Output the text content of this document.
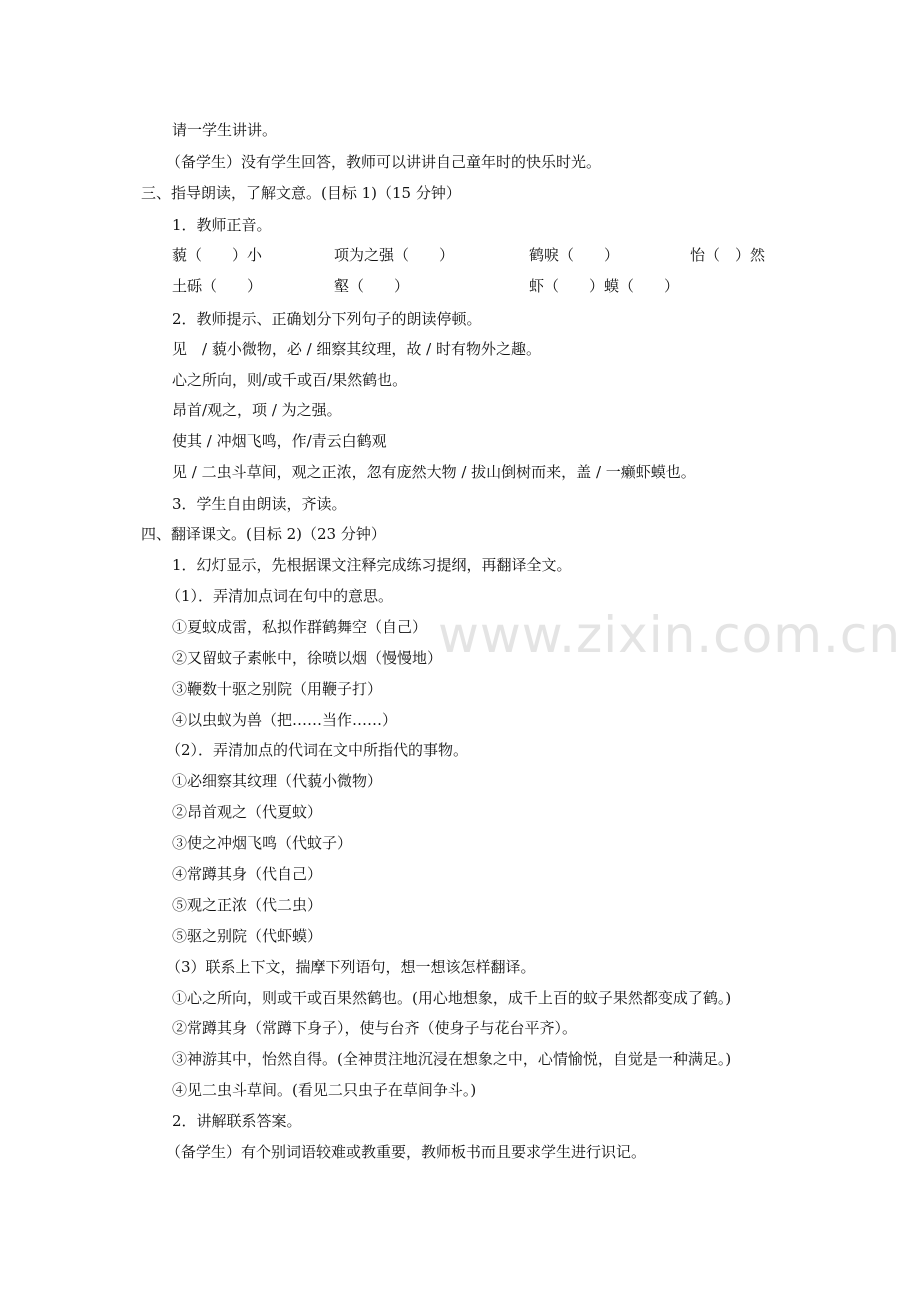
www.zixin.com.cn
请一学生讲讲。
（备学生）没有学生回答，教师可以讲讲自己童年时的快乐时光。
三、指导朗读，了解文意。(目标 1)（15 分钟）
1．教师正音。
藐（　　）小	项为之强（　　）	鹤唳（　　）	怡（　）然
土砾（　　）	壑（　　）	虾（　　）蟆（　　）
2．教师提示、正确划分下列句子的朗读停顿。
见　/ 藐小微物，必 / 细察其纹理，故 / 时有物外之趣。
心之所向，则/或千或百/果然鹤也。
昂首/观之，项 / 为之强。
使其 / 冲烟飞鸣，作/青云白鹤观
见 / 二虫斗草间，观之正浓，忽有庞然大物 / 拔山倒树而来，盖 / 一癞虾蟆也。
3．学生自由朗读，齐读。
四、翻译课文。(目标 2)（23 分钟）
1．幻灯显示，先根据课文注释完成练习提纲，再翻译全文。
（1）．弄清加点词在句中的意思。
①夏蚊成雷，私拟作群鹤舞空（自己）
②又留蚊子素帐中，徐喷以烟（慢慢地）
③鞭数十驱之别院（用鞭子打）
④以虫蚁为兽（把……当作……）
（2）．弄清加点的代词在文中所指代的事物。
①必细察其纹理（代藐小微物）
②昂首观之（代夏蚊）
③使之冲烟飞鸣（代蚊子）
④常蹲其身（代自己）
⑤观之正浓（代二虫）
⑤驱之别院（代虾蟆）
（3）联系上下文，揣摩下列语句，想一想该怎样翻译。
①心之所向，则或干或百果然鹤也。(用心地想象，成千上百的蚊子果然都变成了鹤。)
②常蹲其身（常蹲下身子），使与台齐（使身子与花台平齐）。
③神游其中，怡然自得。(全神贯注地沉浸在想象之中，心情愉悦，自觉是一种满足。)
④见二虫斗草间。(看见二只虫子在草间争斗。)
2．讲解联系答案。
（备学生）有个别词语较难或教重要，教师板书而且要求学生进行识记。
